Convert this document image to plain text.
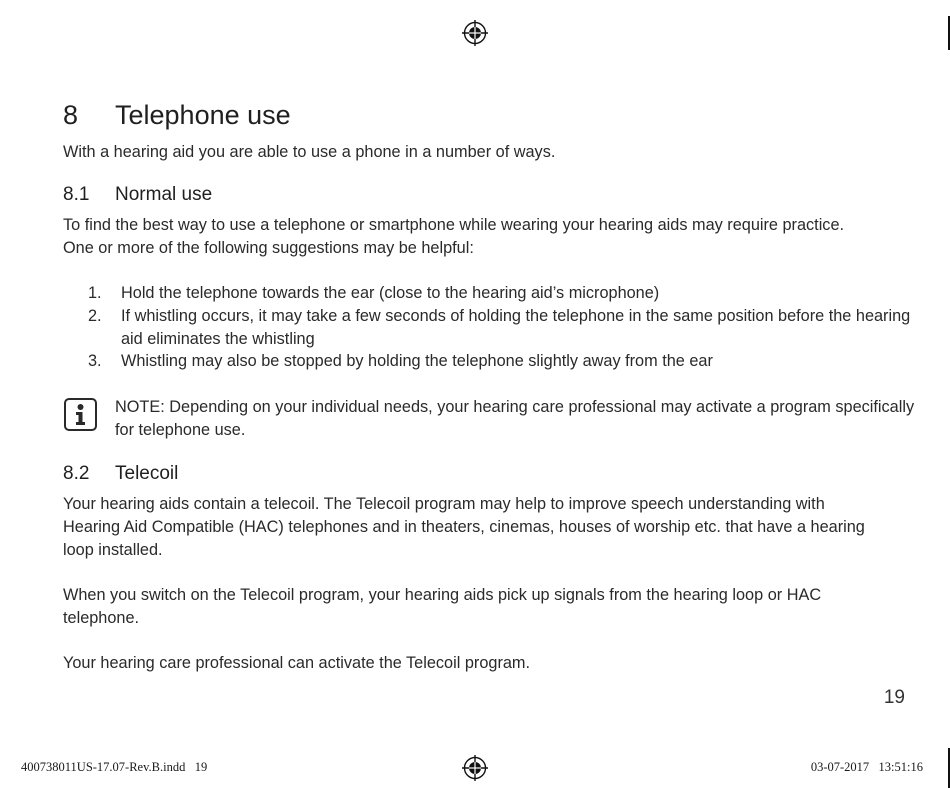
8 Telephone use

With a hearing aid you are able to use a phone in a number of ways.

8.1 Normal use

To find the best way to use a telephone or smartphone while wearing your hearing aids may require practice. One or more of the following suggestions may be helpful:

1. Hold the telephone towards the ear (close to the hearing aid’s microphone)
2. If whistling occurs, it may take a few seconds of holding the telephone in the same position before the hearing aid eliminates the whistling
3. Whistling may also be stopped by holding the telephone slightly away from the ear

NOTE: Depending on your individual needs, your hearing care professional may activate a program specifically for telephone use.

8.2 Telecoil

Your hearing aids contain a telecoil. The Telecoil program may help to improve speech understanding with Hearing Aid Compatible (HAC) telephones and in theaters, cinemas, houses of worship etc. that have a hearing loop installed.

When you switch on the Telecoil program, your hearing aids pick up signals from the hearing loop or HAC telephone.

Your hearing care professional can activate the Telecoil program.

19
400738011US-17.07-Rev.B.indd   19	03-07-2017   13:51:16
